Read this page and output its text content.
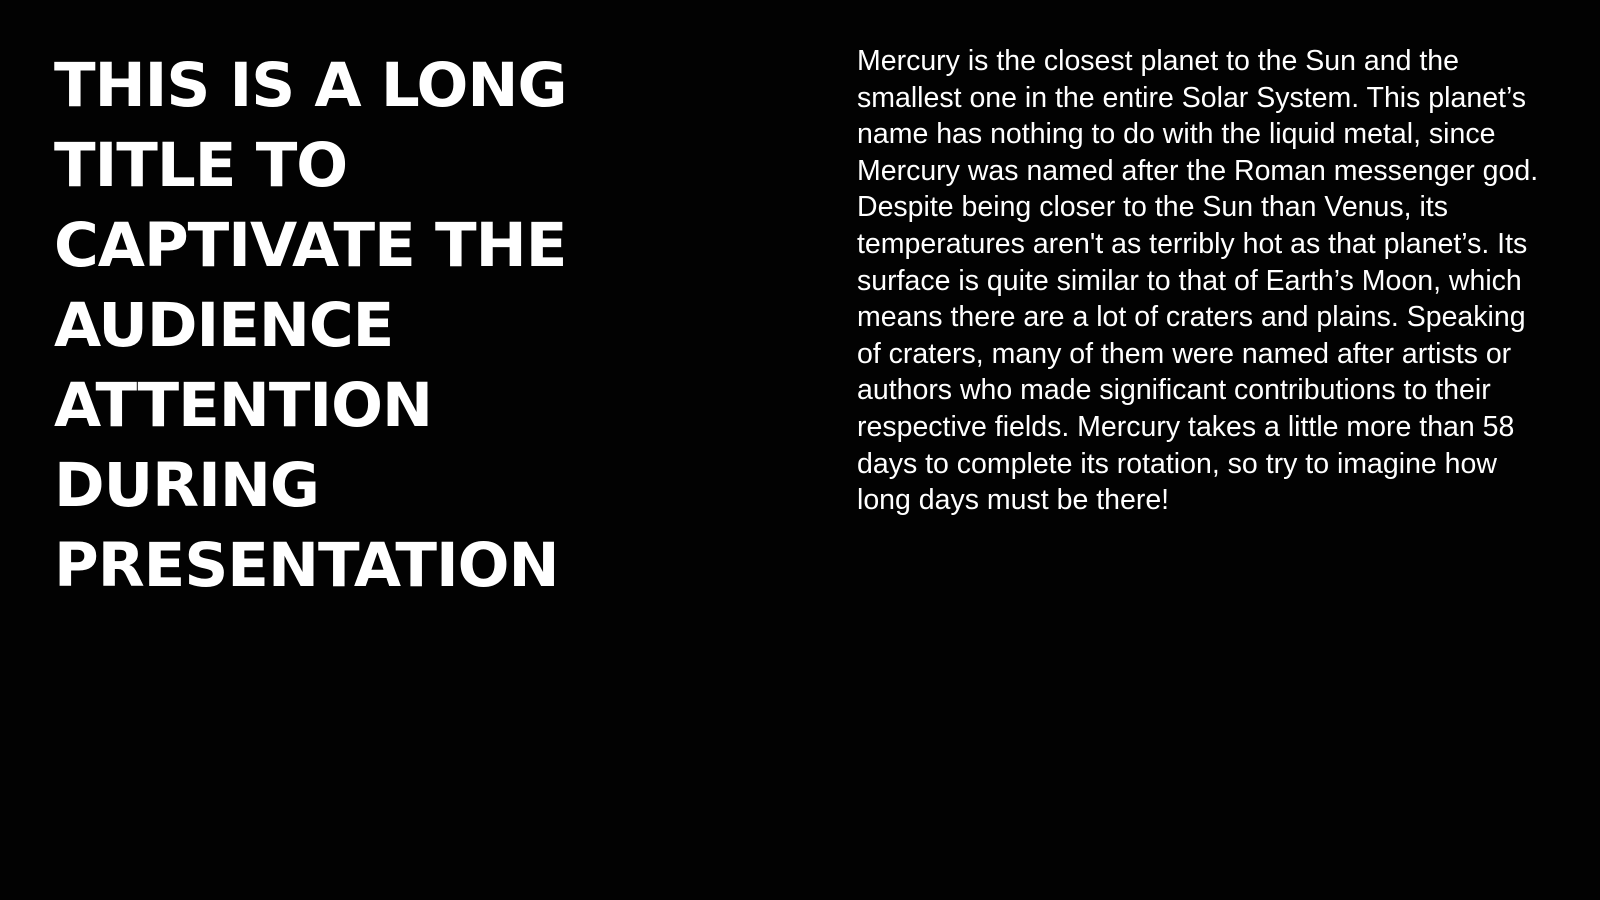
THIS IS A LONG TITLE TO CAPTIVATE THE AUDIENCE ATTENTION DURING PRESENTATION

Mercury is the closest planet to the Sun and the smallest one in the entire Solar System. This planet’s name has nothing to do with the liquid metal, since Mercury was named after the Roman messenger god. Despite being closer to the Sun than Venus, its temperatures aren't as terribly hot as that planet’s. Its surface is quite similar to that of Earth’s Moon, which means there are a lot of craters and plains. Speaking of craters, many of them were named after artists or authors who made significant contributions to their respective fields. Mercury takes a little more than 58 days to complete its rotation, so try to imagine how long days must be there!
